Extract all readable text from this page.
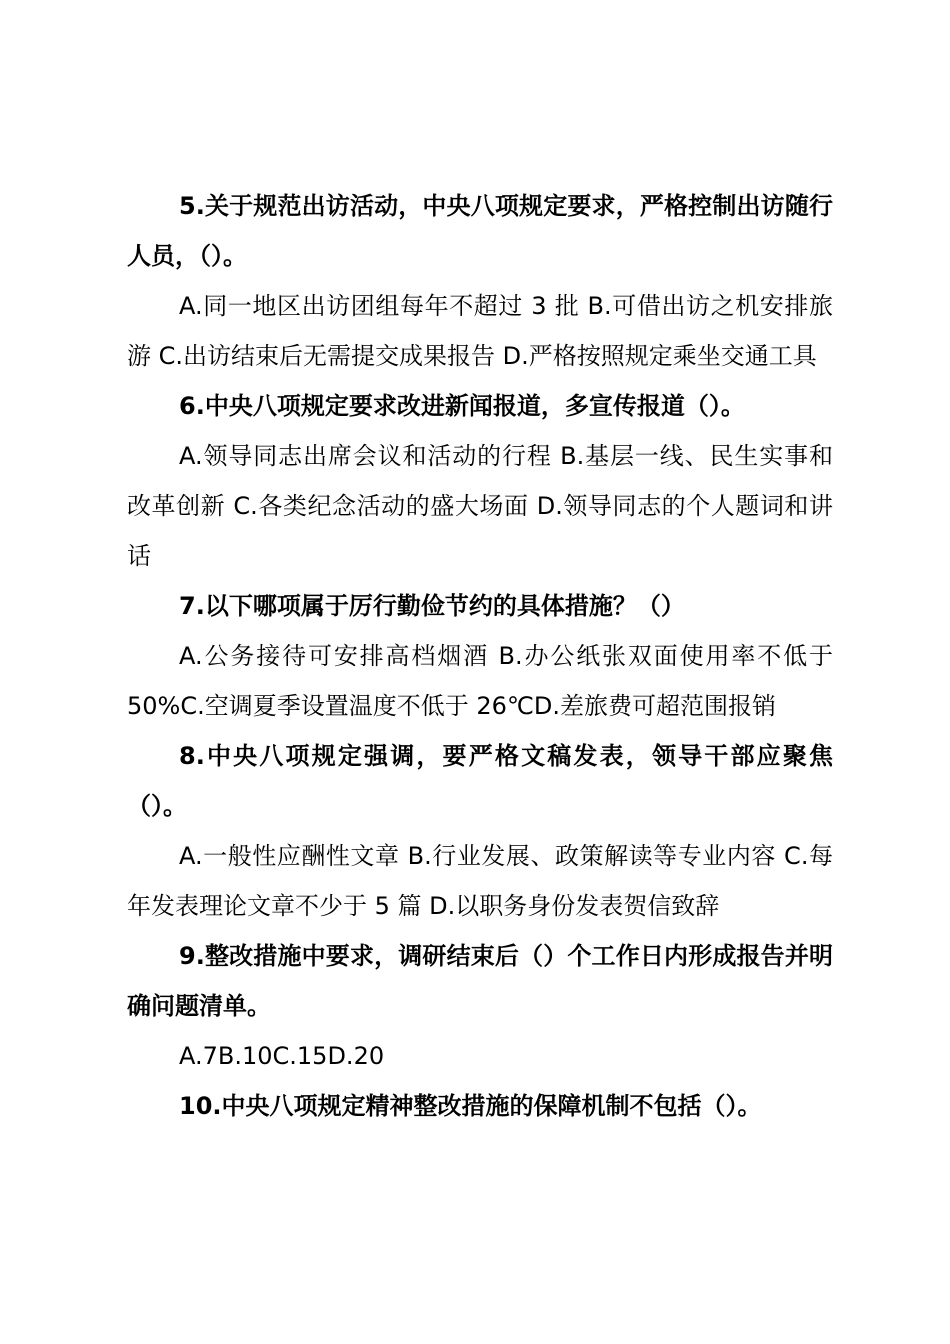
5.关于规范出访活动，中央八项规定要求，严格控制出访随行人员，（）。

A.同一地区出访团组每年不超过 3 批 B.可借出访之机安排旅游 C.出访结束后无需提交成果报告 D.严格按照规定乘坐交通工具

6.中央八项规定要求改进新闻报道，多宣传报道（）。

A.领导同志出席会议和活动的行程 B.基层一线、民生实事和改革创新 C.各类纪念活动的盛大场面 D.领导同志的个人题词和讲话

7.以下哪项属于厉行勤俭节约的具体措施？（）

A.公务接待可安排高档烟酒 B.办公纸张双面使用率不低于 50%C.空调夏季设置温度不低于 26℃D.差旅费可超范围报销

8.中央八项规定强调，要严格文稿发表，领导干部应聚焦（）。

A.一般性应酬性文章 B.行业发展、政策解读等专业内容 C.每年发表理论文章不少于 5 篇 D.以职务身份发表贺信致辞

9.整改措施中要求，调研结束后（）个工作日内形成报告并明确问题清单。

A.7B.10C.15D.20

10.中央八项规定精神整改措施的保障机制不包括（）。
